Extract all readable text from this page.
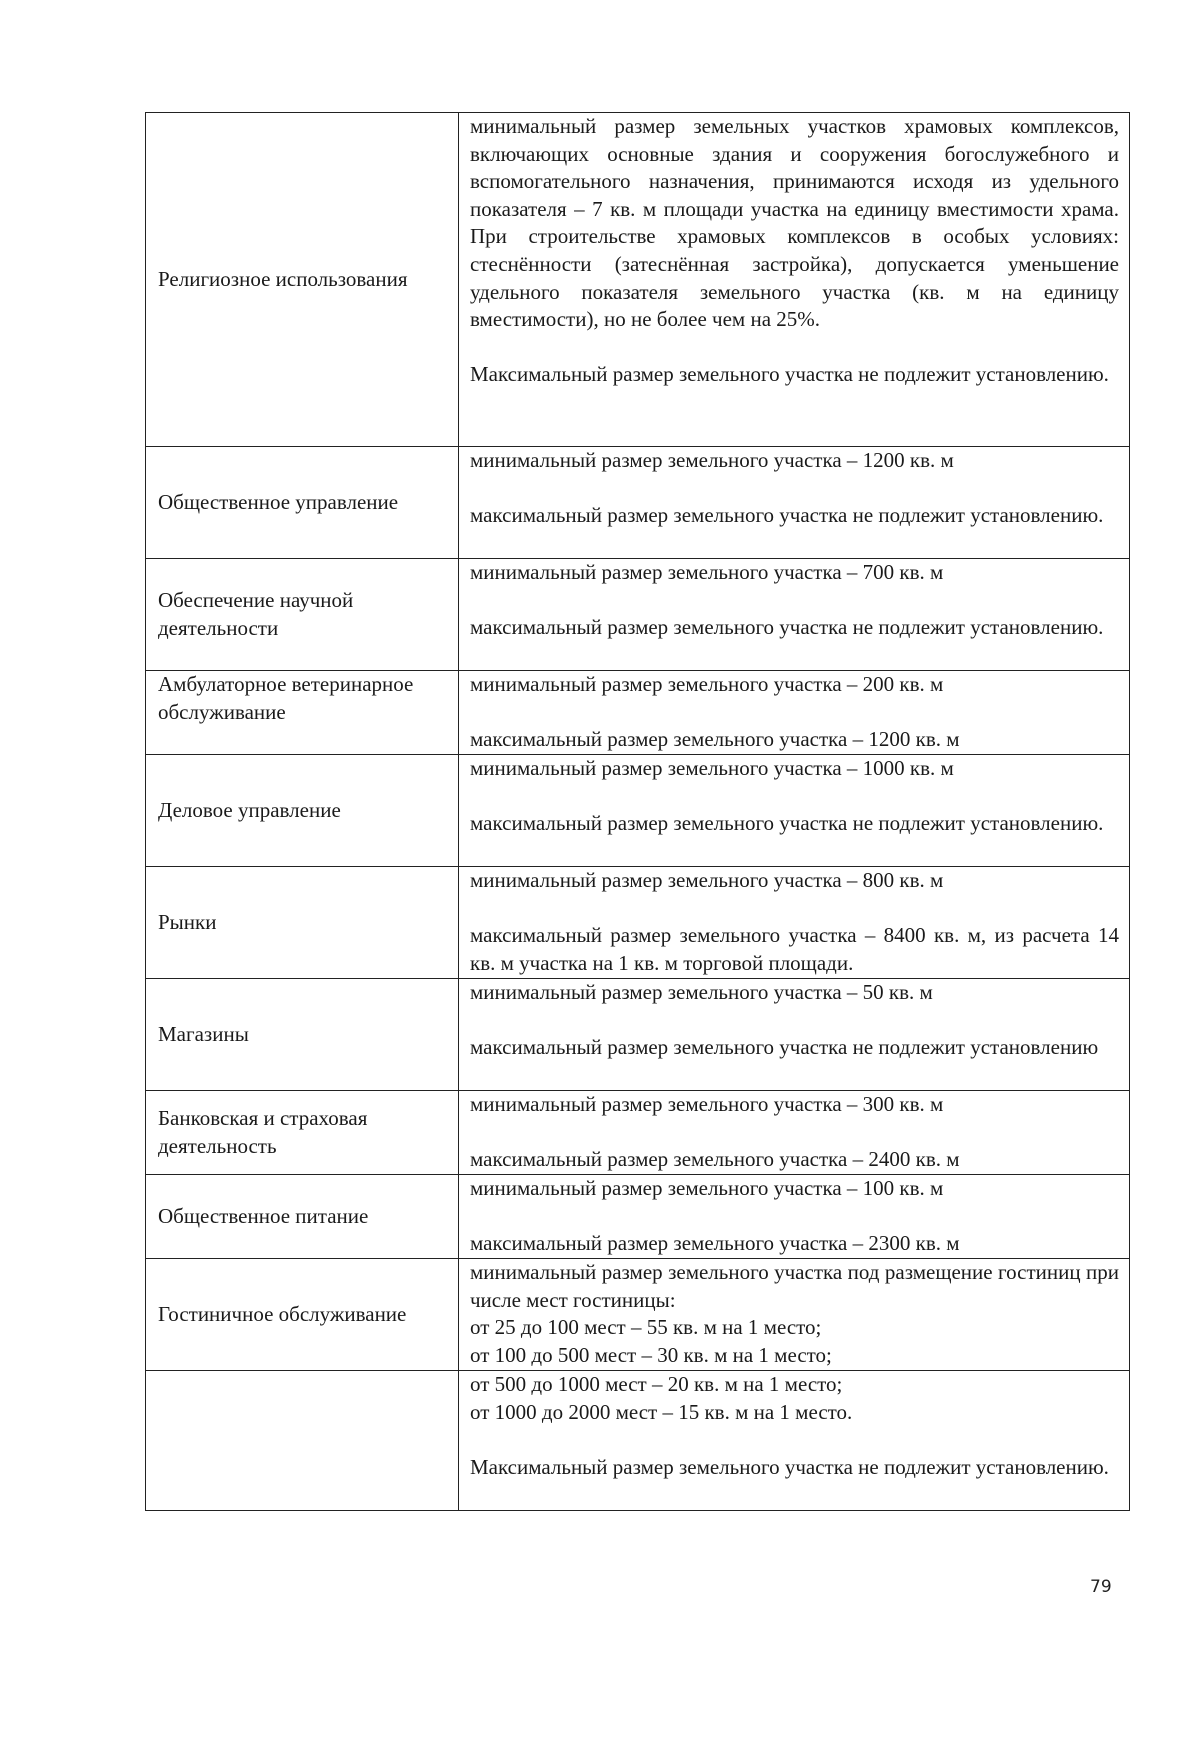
Религиозное использования	минимальный размер земельных участков храмовых комплексов, включающих основные здания и сооружения богослужебного и вспомогательного назначения, принимаются исходя из удельного показателя – 7 кв. м площади участка на единицу вместимости храма. При строительстве храмовых комплексов в особых условиях: стеснённости (затеснённая застройка), допускается уменьшение удельного показателя земельного участка (кв. м на единицу вместимости), но не более чем на 25%.

Максимальный размер земельного участка не подлежит установлению.

Общественное управление	минимальный размер земельного участка – 1200 кв. м

максимальный размер земельного участка не подлежит установлению.

Обеспечение научной деятельности	минимальный размер земельного участка – 700 кв. м

максимальный размер земельного участка не подлежит установлению.

Амбулаторное ветеринарное обслуживание	минимальный размер земельного участка – 200 кв. м

максимальный размер земельного участка – 1200 кв. м

Деловое управление	минимальный размер земельного участка – 1000 кв. м

максимальный размер земельного участка не подлежит установлению.

Рынки	минимальный размер земельного участка – 800 кв. м

максимальный размер земельного участка – 8400 кв. м, из расчета 14 кв. м участка на 1 кв. м торговой площади.

Магазины	минимальный размер земельного участка – 50 кв. м

максимальный размер земельного участка не подлежит установлению

Банковская и страховая деятельность	минимальный размер земельного участка – 300 кв. м

максимальный размер земельного участка – 2400 кв. м

Общественное питание	минимальный размер земельного участка – 100 кв. м

максимальный размер земельного участка – 2300 кв. м

Гостиничное обслуживание	минимальный размер земельного участка под размещение гостиниц при числе мест гостиницы:

от 25 до 100 мест – 55 кв. м на 1 место;

от 100 до 500 мест – 30 кв. м на 1 место;

	от 500 до 1000 мест – 20 кв. м на 1 место;

от 1000 до 2000 мест – 15 кв. м на 1 место.

Максимальный размер земельного участка не подлежит установлению.

79
